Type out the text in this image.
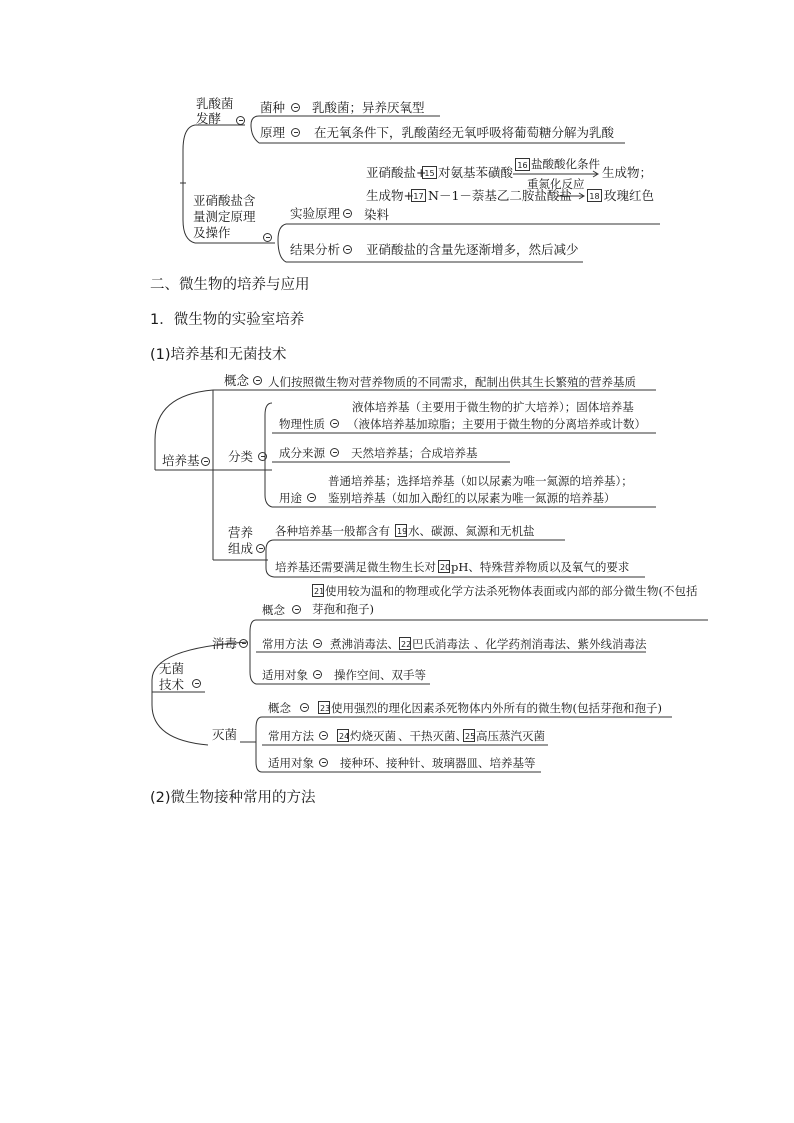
乳酸菌
发酵
菌种 乳酸菌；异养厌氧型
原理 在无氧条件下，乳酸菌经无氧呼吸将葡萄糖分解为乳酸
亚硝酸盐含
量测定原理
及操作
亚硝酸盐+
15 对氨基苯磺酸 16 盐酸酸化条件
重氮化反应
生成物；
生成物+ 17 N－1－萘基乙二胺盐酸盐	18 玫瑰红色
实验原理 染料
结果分析 亚硝酸盐的含量先逐渐增多，然后减少
二、微生物的培养与应用
1．微生物的实验室培养
(1)培养基和无菌技术
培养基
概念 人们按照微生物对营养物质的不同需求，配制出供其生长繁殖的营养基质
分类
物理性质
液体培养基（主要用于微生物的扩大培养）；固体培养基
（液体培养基加琼脂；主要用于微生物的分离培养或计数）
成分来源 天然培养基；合成培养基
用途
普通培养基；选择培养基（如以尿素为唯一氮源的培养基）；
鉴别培养基（如加入酚红的以尿素为唯一氮源的培养基）
营养
组成
各种培养基一般都含有 19 水、碳源、氮源和无机盐
培养基还需要满足微生物生长对 20 pH、特殊营养物质以及氧气的要求
无菌
技术
消毒
概念
21 使用较为温和的物理或化学方法杀死物体表面或内部的部分微生物(不包括
芽孢和孢子)
常用方法 煮沸消毒法、 22 巴氏消毒法 、化学药剂消毒法、紫外线消毒法
适用对象 操作空间、双手等
灭菌
概念	23 使用强烈的理化因素杀死物体内外所有的微生物(包括芽孢和孢子)
常用方法	24 灼烧灭菌 、干热灭菌、
25 高压蒸汽灭菌
适用对象 接种环、接种针、玻璃器皿、培养基等
(2)微生物接种常用的方法
